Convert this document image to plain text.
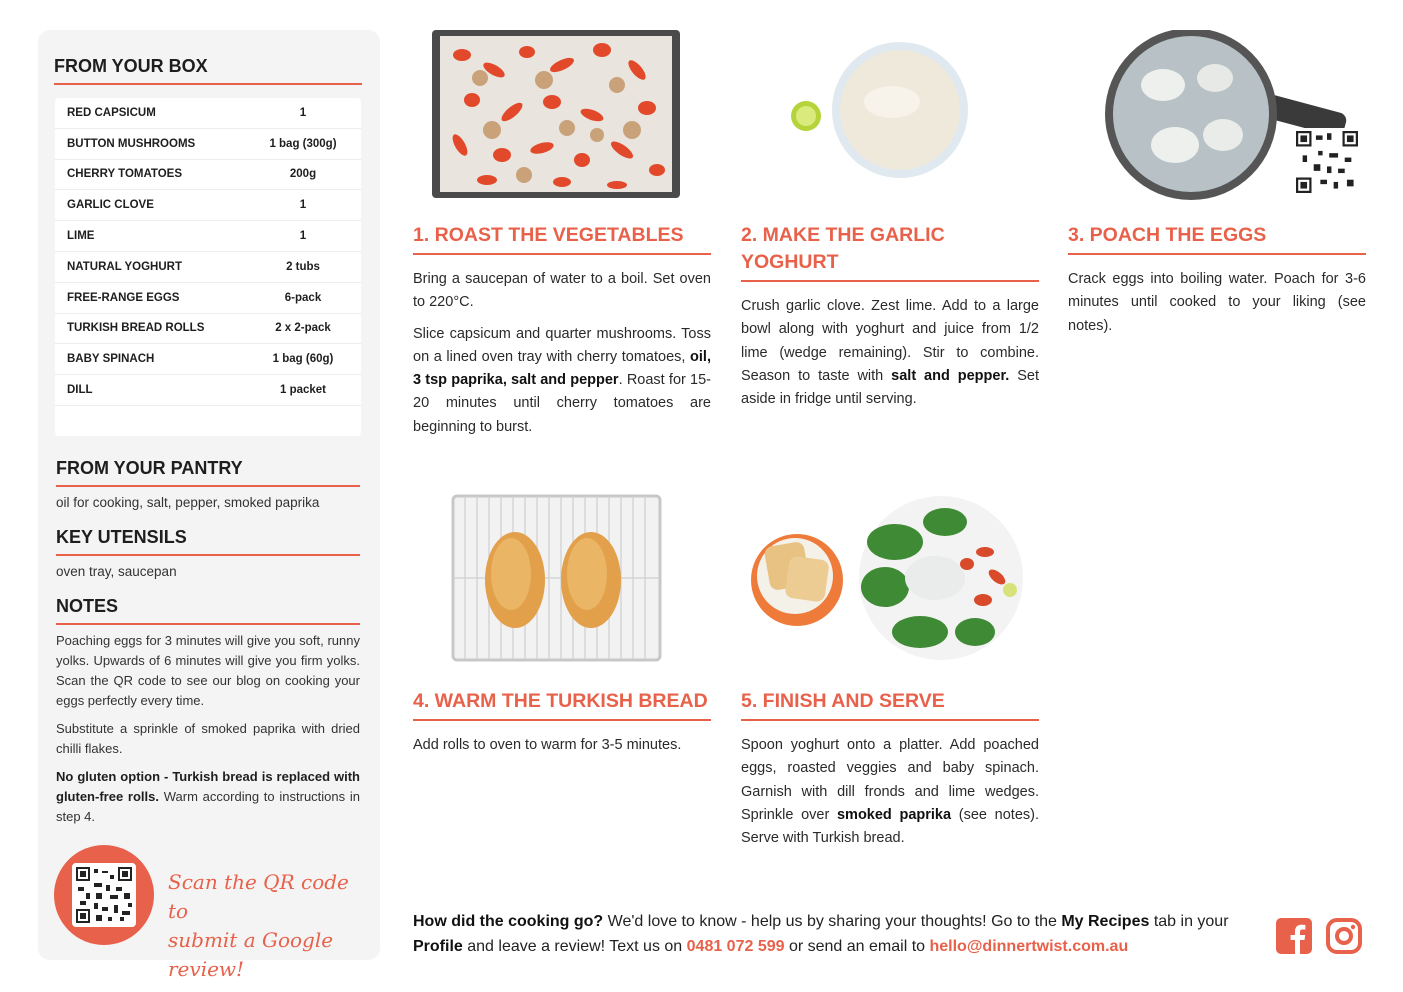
FROM YOUR BOX
RED CAPSICUM	1
BUTTON MUSHROOMS	1 bag (300g)
CHERRY TOMATOES	200g
GARLIC CLOVE	1
LIME	1
NATURAL YOGHURT	2 tubs
FREE-RANGE EGGS	6-pack
TURKISH BREAD ROLLS	2 x 2-pack
BABY SPINACH	1 bag (60g)
DILL	1 packet
FROM YOUR PANTRY
oil for cooking, salt, pepper, smoked paprika
KEY UTENSILS
oven tray, saucepan
NOTES

Poaching eggs for 3 minutes will give you soft, runny yolks. Upwards of 6 minutes will give you firm yolks. Scan the QR code to see our blog on cooking your eggs perfectly every time.

Substitute a sprinkle of smoked paprika with dried chilli flakes.

No gluten option - Turkish bread is replaced with gluten-free rolls. Warm according to instructions in step 4.

Scan the QR code to
submit a Google review!
1. ROAST THE VEGETABLES

Bring a saucepan of water to a boil. Set oven to 220°C.

Slice capsicum and quarter mushrooms. Toss on a lined oven tray with cherry tomatoes, oil, 3 tsp paprika, salt and pepper. Roast for 15-20 minutes until cherry tomatoes are beginning to burst.

2. MAKE THE GARLIC
YOGHURT

Crush garlic clove. Zest lime. Add to a large bowl along with yoghurt and juice from 1/2 lime (wedge remaining). Stir to combine. Season to taste with salt and pepper. Set aside in fridge until serving.

3. POACH THE EGGS

Crack eggs into boiling water. Poach for 3-6 minutes until cooked to your liking (see notes).

4. WARM THE TURKISH BREAD

Add rolls to oven to warm for 3-5 minutes.

5. FINISH AND SERVE

Spoon yoghurt onto a platter. Add poached eggs, roasted veggies and baby spinach. Garnish with dill fronds and lime wedges. Sprinkle over smoked paprika (see notes). Serve with Turkish bread.

How did the cooking go? We'd love to know - help us by sharing your thoughts! Go to the My Recipes tab in your Profile and leave a review! Text us on 0481 072 599 or send an email to hello@dinnertwist.com.au
